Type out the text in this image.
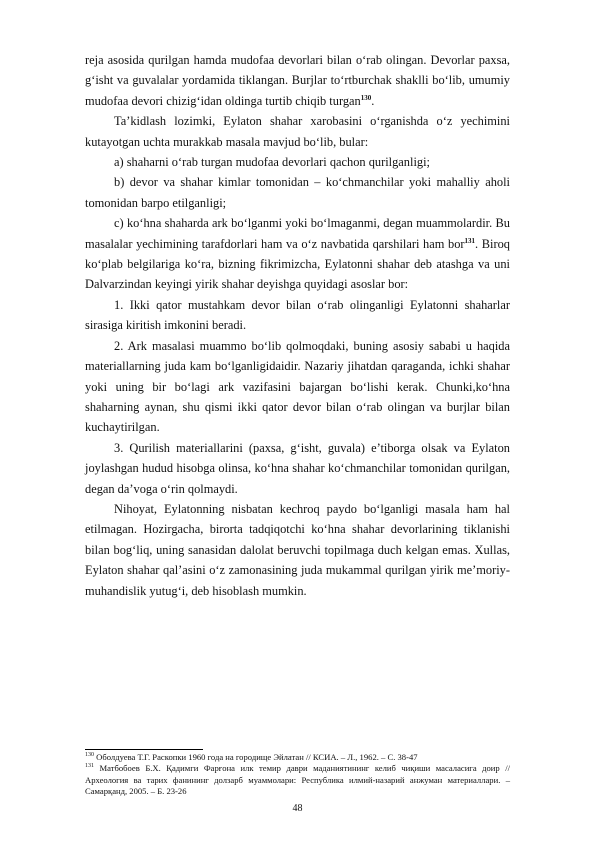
reja asosida qurilgan hamda mudofaa devorlari bilan o‘rab olingan. Devorlar paxsa, g‘isht va guvalalar yordamida tiklangan. Burjlar to‘rtburchak shaklli bo‘lib, umumiy mudofaa devori chizig‘idan oldinga turtib chiqib turgan$^{130}$.

Ta’kidlash lozimki, Eylaton shahar xarobasini o‘rganishda o‘z yechimini kutayotgan uchta murakkab masala mavjud bo‘lib, bular:

a) shaharni o‘rab turgan mudofaa devorlari qachon qurilganligi;

b) devor va shahar kimlar tomonidan – ko‘chmanchilar yoki mahalliy aholi tomonidan barpo etilganligi;

c) ko‘hna shaharda ark bo‘lganmi yoki bo‘lmaganmi, degan muammolardir. Bu masalalar yechimining tarafdorlari ham va o‘z navbatida qarshilari ham bor$^{131}$. Biroq ko‘plab belgilariga ko‘ra, bizning fikrimizcha, Eylatonni shahar deb atashga va uni Dalvarzindan keyingi yirik shahar deyishga quyidagi asoslar bor:

1. Ikki qator mustahkam devor bilan o‘rab olinganligi Eylatonni shaharlar sirasiga kiritish imkonini beradi.

2. Ark masalasi muammo bo‘lib qolmoqdaki, buning asosiy sababi u haqida materiallarning juda kam bo‘lganligidaidir. Nazariy jihatdan qaraganda, ichki shahar yoki uning bir bo‘lagi ark vazifasini bajargan bo‘lishi kerak. Chunki,ko‘hna shaharning aynan, shu qismi ikki qator devor bilan o‘rab olingan va burjlar bilan kuchaytirilgan.

3. Qurilish materiallarini (paxsa, g‘isht, guvala) e’tiborga olsak va Eylaton joylashgan hudud hisobga olinsa, ko‘hna shahar ko‘chmanchilar tomonidan qurilgan, degan da’voga o‘rin qolmaydi.

Nihoyat, Eylatonning nisbatan kechroq paydo bo‘lganligi masala ham hal etilmagan. Hozirgacha, birorta tadqiqotchi ko‘hna shahar devorlarining tiklanishi bilan bog‘liq, uning sanasidan dalolat beruvchi topilmaga duch kelgan emas. Xullas, Eylaton shahar qal’asini o‘z zamonasining juda mukammal qurilgan yirik me’moriy-muhandislik yutug‘i, deb hisoblash mumkin.

$^{130}$ Оболдуева Т.Г. Раскопки 1960 года на городище Эйлатан // КСИА. – Л., 1962. – С. 38-47

$^{131}$ Матбобоев Б.Х. Қадимги Фарғона илк темир даври маданиятининг келиб чиқиши масаласига доир // Археология ва тарих фанининг долзарб муаммолари: Республика илмий-назарий анжуман материаллари. – Самарқанд, 2005. – Б. 23-26

48
